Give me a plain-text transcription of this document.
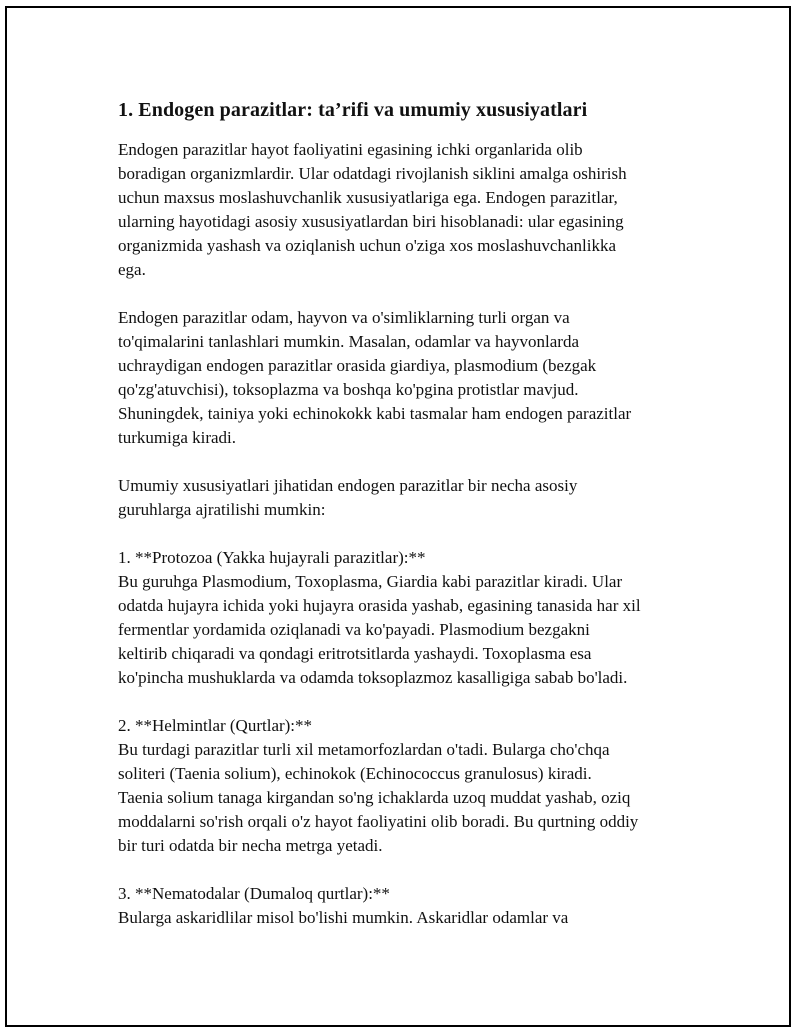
1. Endogen parazitlar: ta’rifi va umumiy xususiyatlari

Endogen parazitlar hayot faoliyatini egasining ichki organlarida olib
boradigan organizmlardir. Ular odatdagi rivojlanish siklini amalga oshirish
uchun maxsus moslashuvchanlik xususiyatlariga ega. Endogen parazitlar,
ularning hayotidagi asosiy xususiyatlardan biri hisoblanadi: ular egasining
organizmida yashash va oziqlanish uchun o'ziga xos moslashuvchanlikka
ega.

Endogen parazitlar odam, hayvon va o'simliklarning turli organ va
to'qimalarini tanlashlari mumkin. Masalan, odamlar va hayvonlarda
uchraydigan endogen parazitlar orasida giardiya, plasmodium (bezgak
qo'zg'atuvchisi), toksoplazma va boshqa ko'pgina protistlar mavjud.
Shuningdek, tainiya yoki echinokokk kabi tasmalar ham endogen parazitlar
turkumiga kiradi.

Umumiy xususiyatlari jihatidan endogen parazitlar bir necha asosiy
guruhlarga ajratilishi mumkin:

1. **Protozoa (Yakka hujayrali parazitlar):**

Bu guruhga Plasmodium, Toxoplasma, Giardia kabi parazitlar kiradi. Ular
odatda hujayra ichida yoki hujayra orasida yashab, egasining tanasida har xil
fermentlar yordamida oziqlanadi va ko'payadi. Plasmodium bezgakni
keltirib chiqaradi va qondagi eritrotsitlarda yashaydi. Toxoplasma esa
ko'pincha mushuklarda va odamda toksoplazmoz kasalligiga sabab bo'ladi.

2. **Helmintlar (Qurtlar):**

Bu turdagi parazitlar turli xil metamorfozlardan o'tadi. Bularga cho'chqa
soliteri (Taenia solium), echinokok (Echinococcus granulosus) kiradi.
Taenia solium tanaga kirgandan so'ng ichaklarda uzoq muddat yashab, oziq
moddalarni so'rish orqali o'z hayot faoliyatini olib boradi. Bu qurtning oddiy
bir turi odatda bir necha metrga yetadi.

3. **Nematodalar (Dumaloq qurtlar):**

Bularga askaridlilar misol bo'lishi mumkin. Askaridlar odamlar va
